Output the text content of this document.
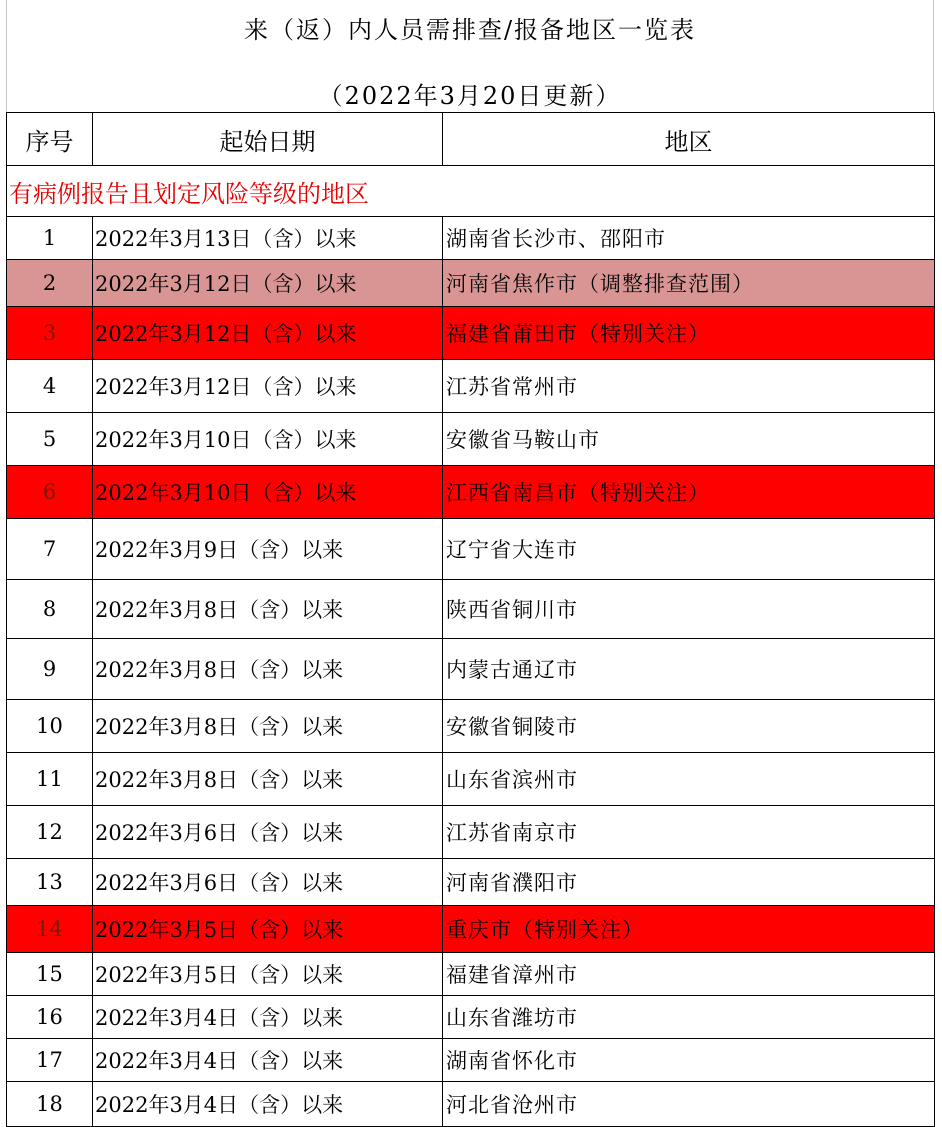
来（返）内人员需排查/报备地区一览表
（2022年3月20日更新）
序号	起始日期	地区
有病例报告且划定风险等级的地区		
1	2022年3月13日（含）以来	湖南省长沙市、邵阳市
2	2022年3月12日（含）以来	河南省焦作市（调整排查范围）
3	2022年3月12日（含）以来	福建省莆田市（特别关注）
4	2022年3月12日（含）以来	江苏省常州市
5	2022年3月10日（含）以来	安徽省马鞍山市
6	2022年3月10日（含）以来	江西省南昌市（特别关注）
7	2022年3月9日（含）以来	辽宁省大连市
8	2022年3月8日（含）以来	陕西省铜川市
9	2022年3月8日（含）以来	内蒙古通辽市
10	2022年3月8日（含）以来	安徽省铜陵市
11	2022年3月8日（含）以来	山东省滨州市
12	2022年3月6日（含）以来	江苏省南京市
13	2022年3月6日（含）以来	河南省濮阳市
14	2022年3月5日（含）以来	重庆市（特别关注）
15	2022年3月5日（含）以来	福建省漳州市
16	2022年3月4日（含）以来	山东省潍坊市
17	2022年3月4日（含）以来	湖南省怀化市
18	2022年3月4日（含）以来	河北省沧州市
